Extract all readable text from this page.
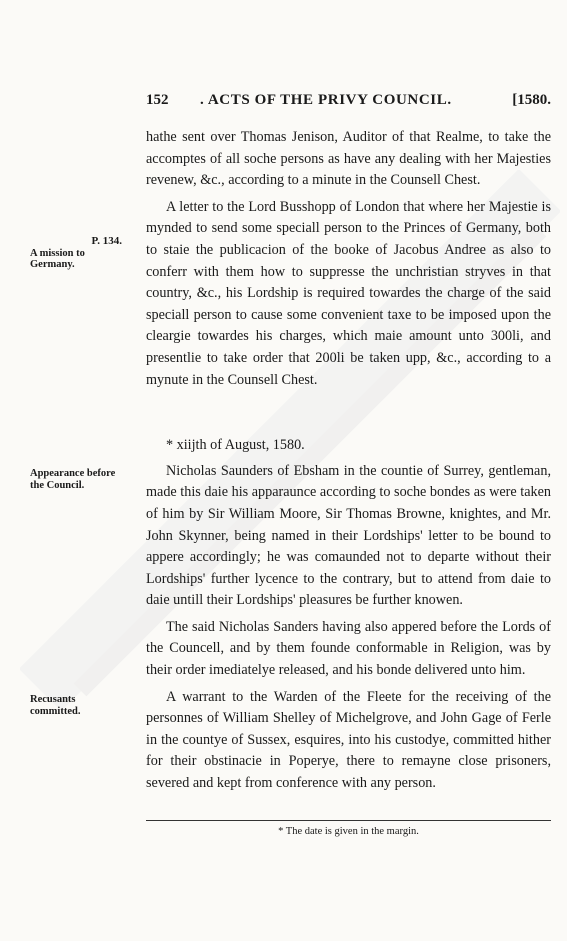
152 . ACTS OF THE PRIVY COUNCIL.	[1580.
P. 134.
A mission to Germany.
Appearance before the Council.
Recusants committed.

hathe sent over Thomas Jenison, Auditor of that Realme, to take the accomptes of all soche persons as have any dealing with her Majesties revenew, &c., according to a minute in the Counsell Chest.

A letter to the Lord Busshopp of London that where her Majestie is mynded to send some speciall person to the Princes of Germany, both to staie the publicacion of the booke of Jacobus Andree as also to conferr with them how to suppresse the unchristian stryves in that country, &c., his Lordship is required towardes the charge of the said speciall person to cause some convenient taxe to be imposed upon the cleargie towardes his charges, which maie amount unto 300li, and presentlie to take order that 200li be taken upp, &c., according to a mynute in the Counsell Chest.

* xiijth of August, 1580.

Nicholas Saunders of Ebsham in the countie of Surrey, gentleman, made this daie his apparaunce according to soche bondes as were taken of him by Sir William Moore, Sir Thomas Browne, knightes, and Mr. John Skynner, being named in their Lordships' letter to be bound to appere accordingly; he was comaunded not to departe without their Lordships' further lycence to the contrary, but to attend from daie to daie untill their Lordships' pleasures be further knowen.

The said Nicholas Sanders having also appered before the Lords of the Councell, and by them founde conformable in Religion, was by their order imediatelye released, and his bonde delivered unto him.

A warrant to the Warden of the Fleete for the receiving of the personnes of William Shelley of Michelgrove, and John Gage of Ferle in the countye of Sussex, esquires, into his custodye, committed hither for their obstinacie in Poperye, there to remayne close prisoners, severed and kept from conference with any person.

* The date is given in the margin.
